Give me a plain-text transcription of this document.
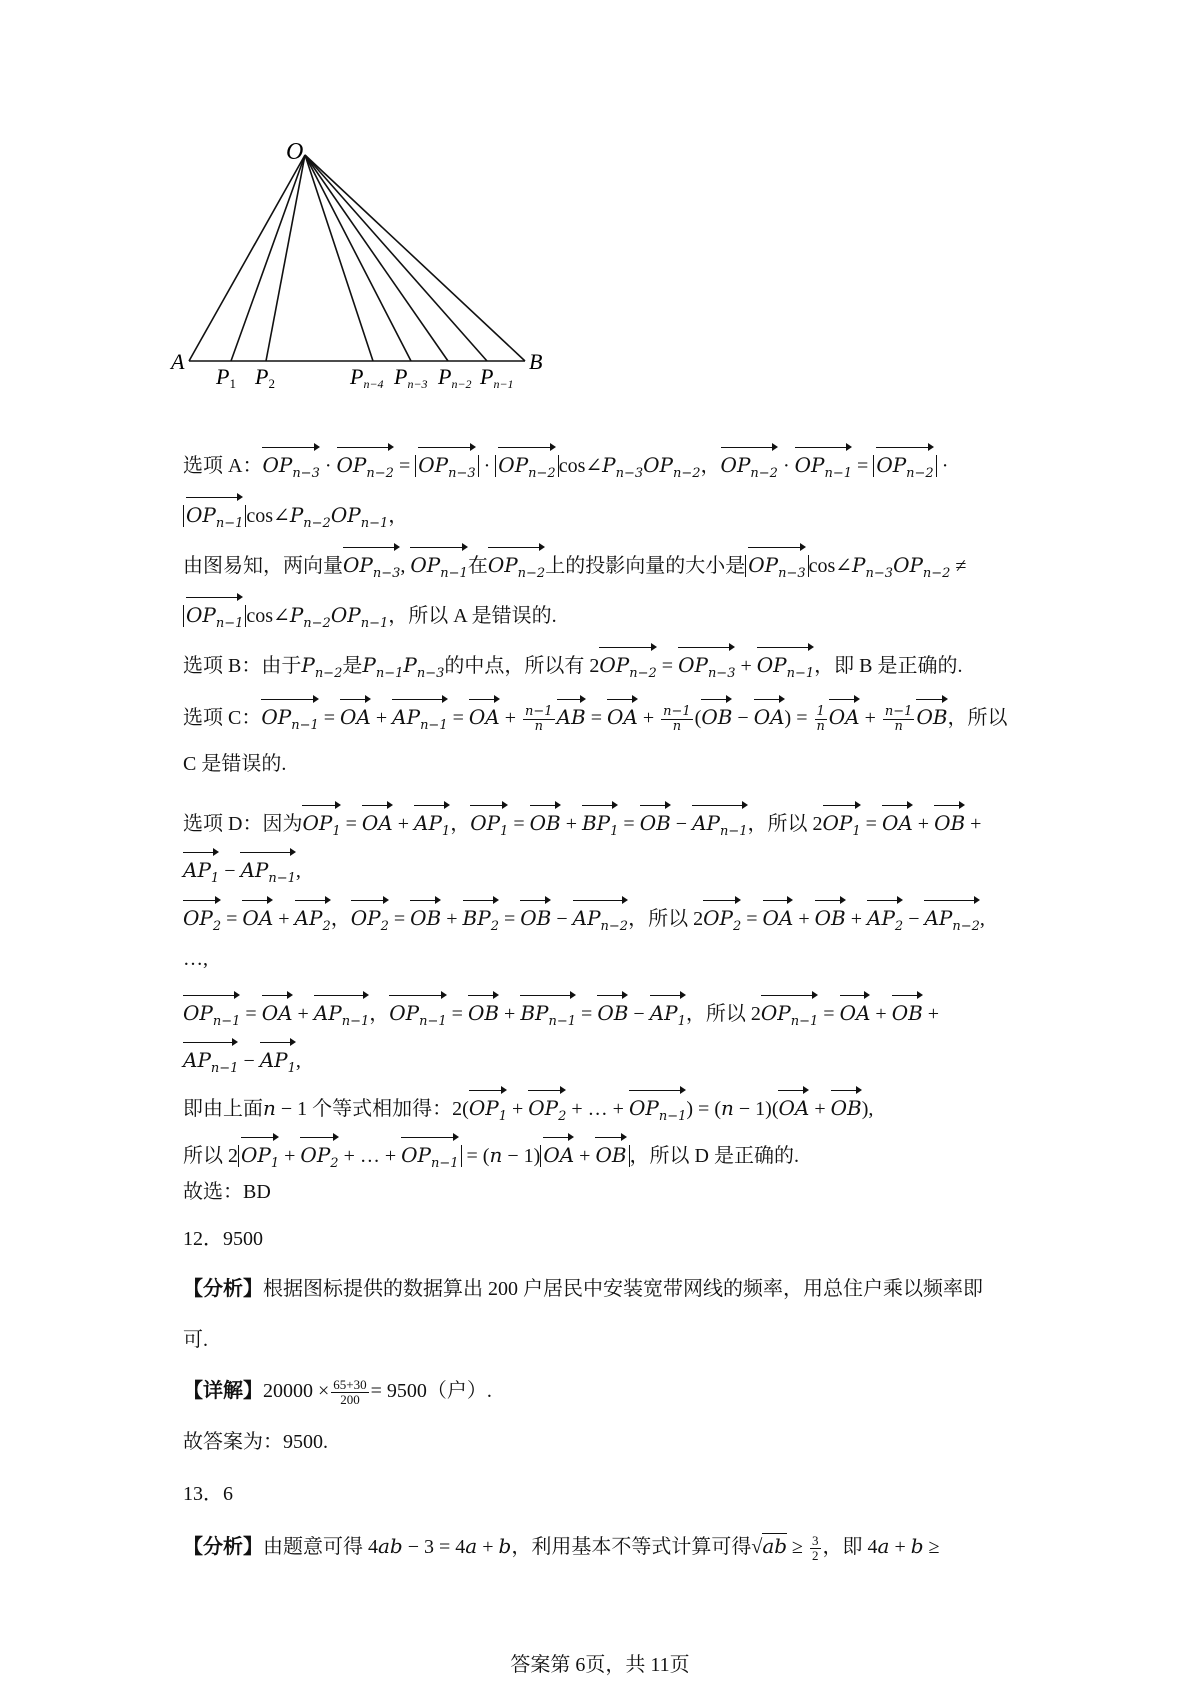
O
A	B
P1 P2	Pn−4 Pn−3 Pn−2 Pn−1
选项 A：$OP_{n-3} \cdot OP_{n-2} = OP_{n-3} \cdot OP_{n-2}$ $\cos\angle P_{n-3}OP_{n-2}$，$OP_{n-2} \cdot OP_{n-1} = OP_{n-2}$ ·
$OP_{n-1}$ $\cos\angle P_{n-2}OP_{n-1}$，
由图易知，两向量$OP_{n-3}$, $OP_{n-1}$在$OP_{n-2}$上的投影向量的大小是 $OP_{n-3}$ $\cos\angle P_{n-3}OP_{n-2}$ ≠
$OP_{n-1}$ $\cos\angle P_{n-2}OP_{n-1}$，所以 A 是错误的.
选项 B：由于$P_{n-2}$是$P_{n-1}P_{n-3}$的中点，所以有 $2OP_{n-2} = OP_{n-3} + OP_{n-1}$，即 B 是正确的.
选项 C：$OP_{n-1}$ = OA + $AP_{n-1}$ = OA + $\frac{n-1}{n}$ AB = OA + $\frac{n-1}{n} (OB - OA) = \frac{1}{n}$ OA + $\frac{n-1}{n}$ OB，所以
C 是错误的.
选项 D：因为$OP_1$ = OA + $AP_1$，$OP_1$ = OB + $BP_1$ = OB − $AP_{n-1}$，所以 $2OP_1$ = OA + OB +
$AP_1 - AP_{n-1}$,
$OP_2$ = OA + $AP_2$，$OP_2$ = OB + $BP_2$ = OB − $AP_{n-2}$，所以 $2OP_2$ = OA + OB + $AP_2 - AP_{n-2}$,
…,
$OP_{n-1}$ = OA + $AP_{n-1}$，$OP_{n-1}$ = OB + $BP_{n-1}$ = OB − $AP_1$，所以 $2OP_{n-1}$ = OA + OB +
$AP_{n-1} - AP_1$,
即由上面n − 1 个等式相加得：$2(OP_1 + OP_2$ + … + $OP_{n-1}) = (n - 1)(OA + OB)$,
所以 2 $OP_1 + OP_2$ + … + $OP_{n-1} = (n - 1)$ OA + OB ，所以 D 是正确的.
故选：BD
12．9500
【分析】根据图标提供的数据算出 200 户居民中安装宽带网线的频率，用总住户乘以频率即
可.
【详解】$20000 \times \frac{65+30}{200} = 9500$（户）.
故答案为：9500.
13．6
【分析】由题意可得 4ab − 3 = 4a + b，利用基本不等式计算可得$√ab \ge \frac{3}{2}$ ，即 4a + b ≥
答案第 6页，共 11页
